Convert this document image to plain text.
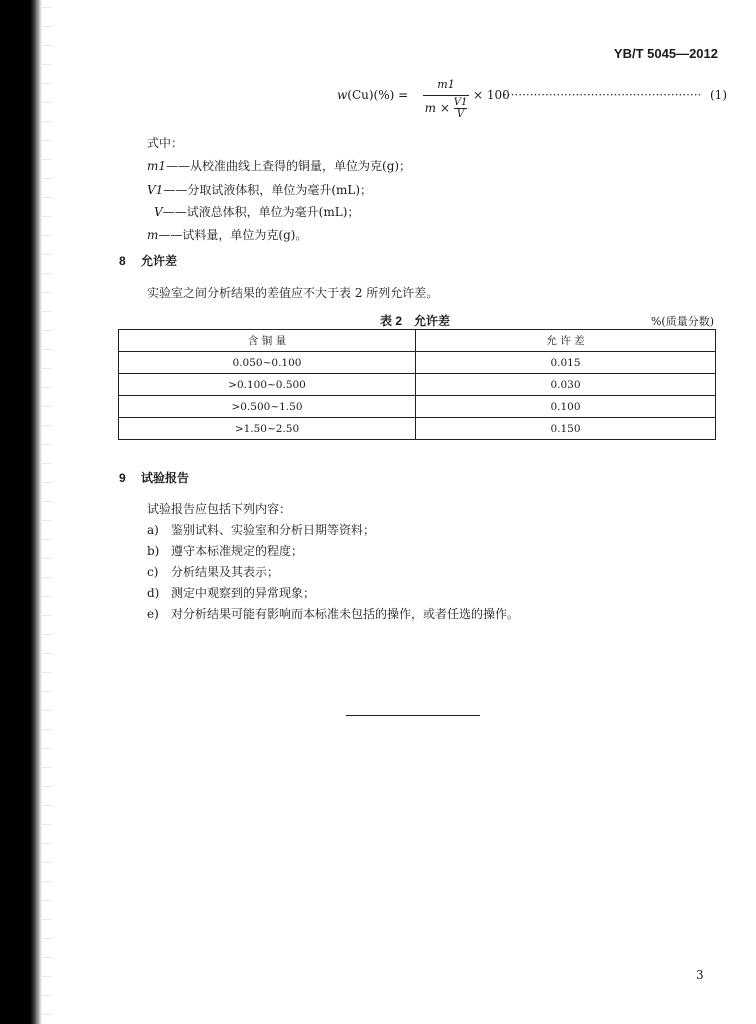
YB/T 5045—2012
w(Cu)(%) =
m1
$m \times \frac{V1}{V}$
× 100
···················································· (1)
式中：
m1——从校准曲线上查得的铜量，单位为克(g)；
V1——分取试液体积，单位为毫升(mL)；
V——试液总体积，单位为毫升(mL)；
m——试料量，单位为克(g)。
8 允许差
实验室之间分析结果的差值应不大于表 2 所列允许差。
表 2　允许差	%(质量分数)
含 铜 量	允 许 差
0.050~0.100	0.015
>0.100~0.500	0.030
>0.500~1.50	0.100
>1.50~2.50	0.150
9 试验报告
试验报告应包括下列内容：
a) 鉴别试料、实验室和分析日期等资料；
b) 遵守本标准规定的程度；
c) 分析结果及其表示；
d) 测定中观察到的异常现象；
e) 对分析结果可能有影响而本标准未包括的操作，或者任选的操作。
3
